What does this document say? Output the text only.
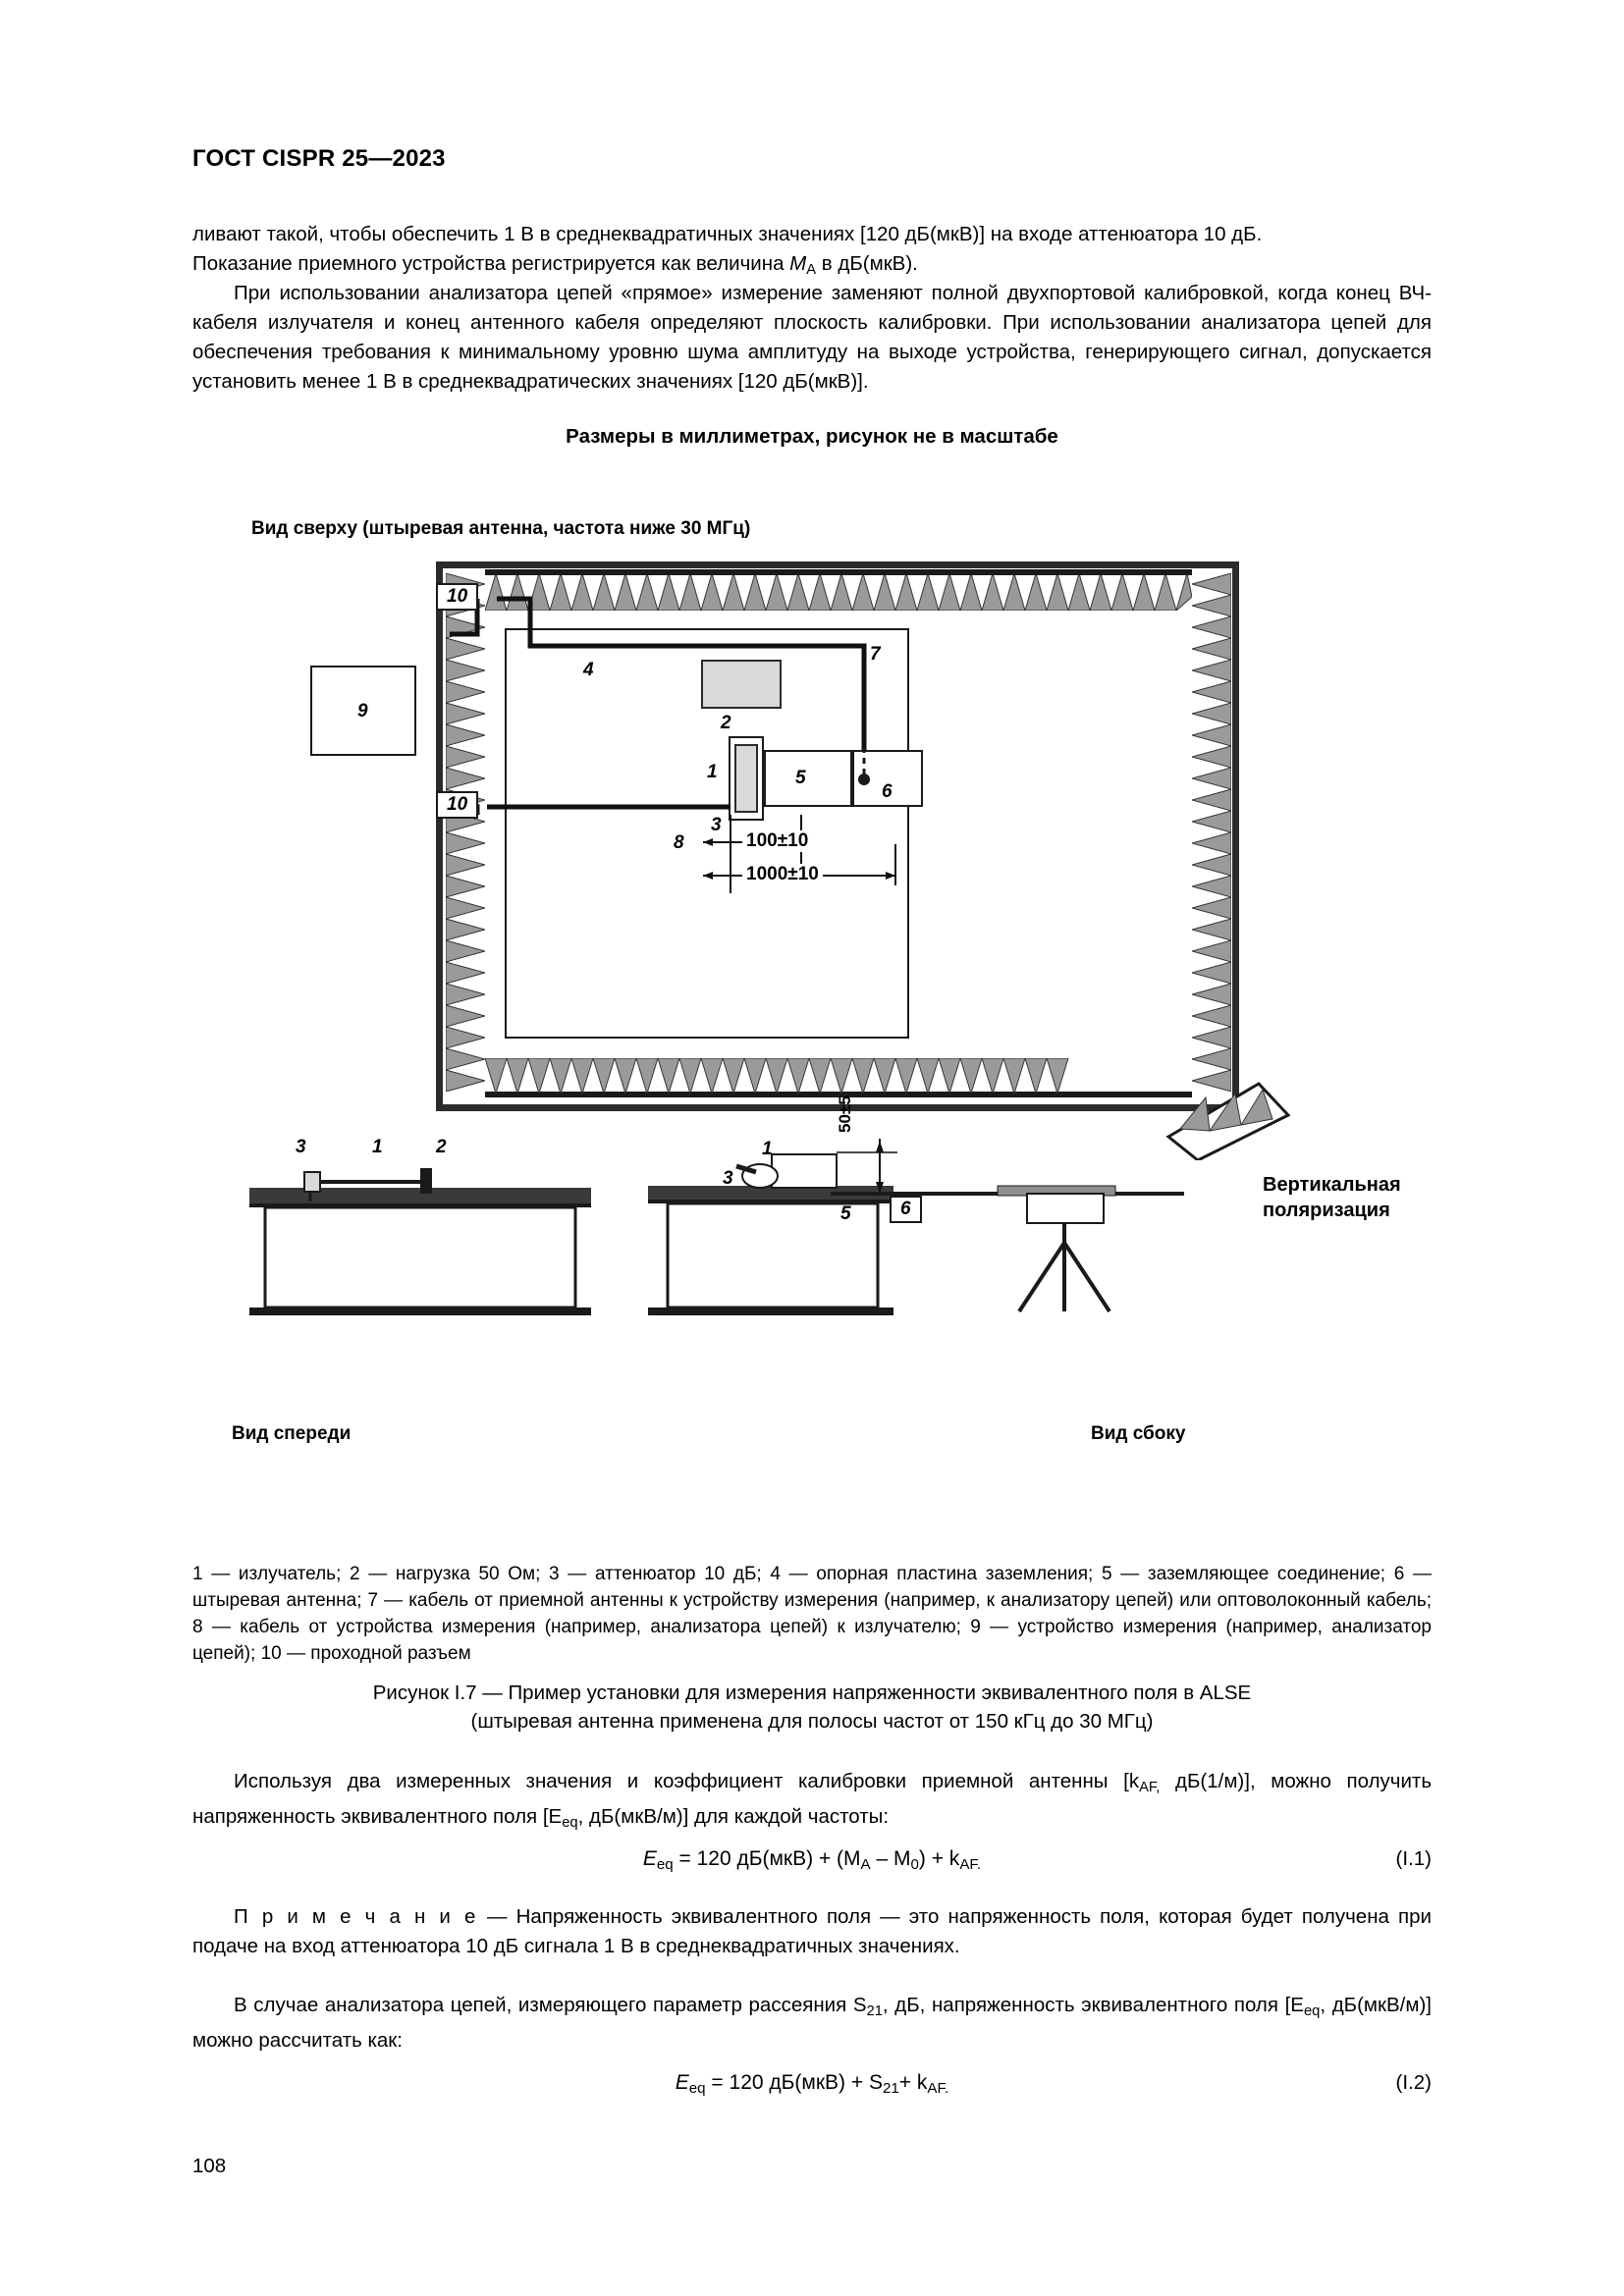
ГОСТ CISPR 25—2023
ливают такой, чтобы обеспечить 1 В в среднеквадратичных значениях [120 дБ(мкВ)] на входе аттенюатора 10 дБ.
Показание приемного устройства регистрируется как величина $M_A$ в дБ(мкВ).
При использовании анализатора цепей «прямое» измерение заменяют полной двухпортовой калибровкой, когда конец ВЧ-кабеля излучателя и конец антенного кабеля определяют плоскость калибровки. При использовании анализатора цепей для обеспечения требования к минимальному уровню шума амплитуду на выходе устройства, генерирующего сигнал, допускается установить менее 1 В в среднеквадратических значениях [120 дБ(мкВ)].
Размеры в миллиметрах, рисунок не в масштабе
Вид сверху (штыревая антенна, частота ниже 30 МГц)
10
10
9
4
7
2
1	5
6
3
8	100±10
1000±10
3	1	2
Вид спереди
1
3
5	6
50±5
Вид сбоку
Вертикальная
поляризация
1 — излучатель; 2 — нагрузка 50 Ом; 3 — аттенюатор 10 дБ; 4 — опорная пластина заземления; 5 — заземляющее соединение; 6 — штыревая антенна; 7 — кабель от приемной антенны к устройству измерения (например, к анализатору цепей) или оптоволоконный кабель; 8 — кабель от устройства измерения (например, анализатора цепей) к излучателю; 9 — устройство измерения (например, анализатор цепей); 10 — проходной разъем
Рисунок I.7 — Пример установки для измерения напряженности эквивалентного поля в ALSE
(штыревая антенна применена для полосы частот от 150 кГц до 30 МГц)
Используя два измеренных значения и коэффициент калибровки приемной антенны [$k_{AF,}$ дБ(1/м)], можно получить напряженность эквивалентного поля [$E_{eq}$, дБ(мкВ/м)] для каждой частоты:
$E_{eq} = 120$ $дБ(мкВ) + (M_A - M_0) + k_{AF.}$	(I.1)
П р и м е ч а н и е — Напряженность эквивалентного поля — это напряженность поля, которая будет получена при подаче на вход аттенюатора 10 дБ сигнала 1 В в среднеквадратичных значениях.
В случае анализатора цепей, измеряющего параметр рассеяния $S_{21}$, дБ, напряженность эквивалентного поля [$E_{eq}$, дБ(мкВ/м)] можно рассчитать как:
$E_{eq} = 120$ $дБ(мкВ) + S_{21}+ k_{AF.}$	(I.2)
108
